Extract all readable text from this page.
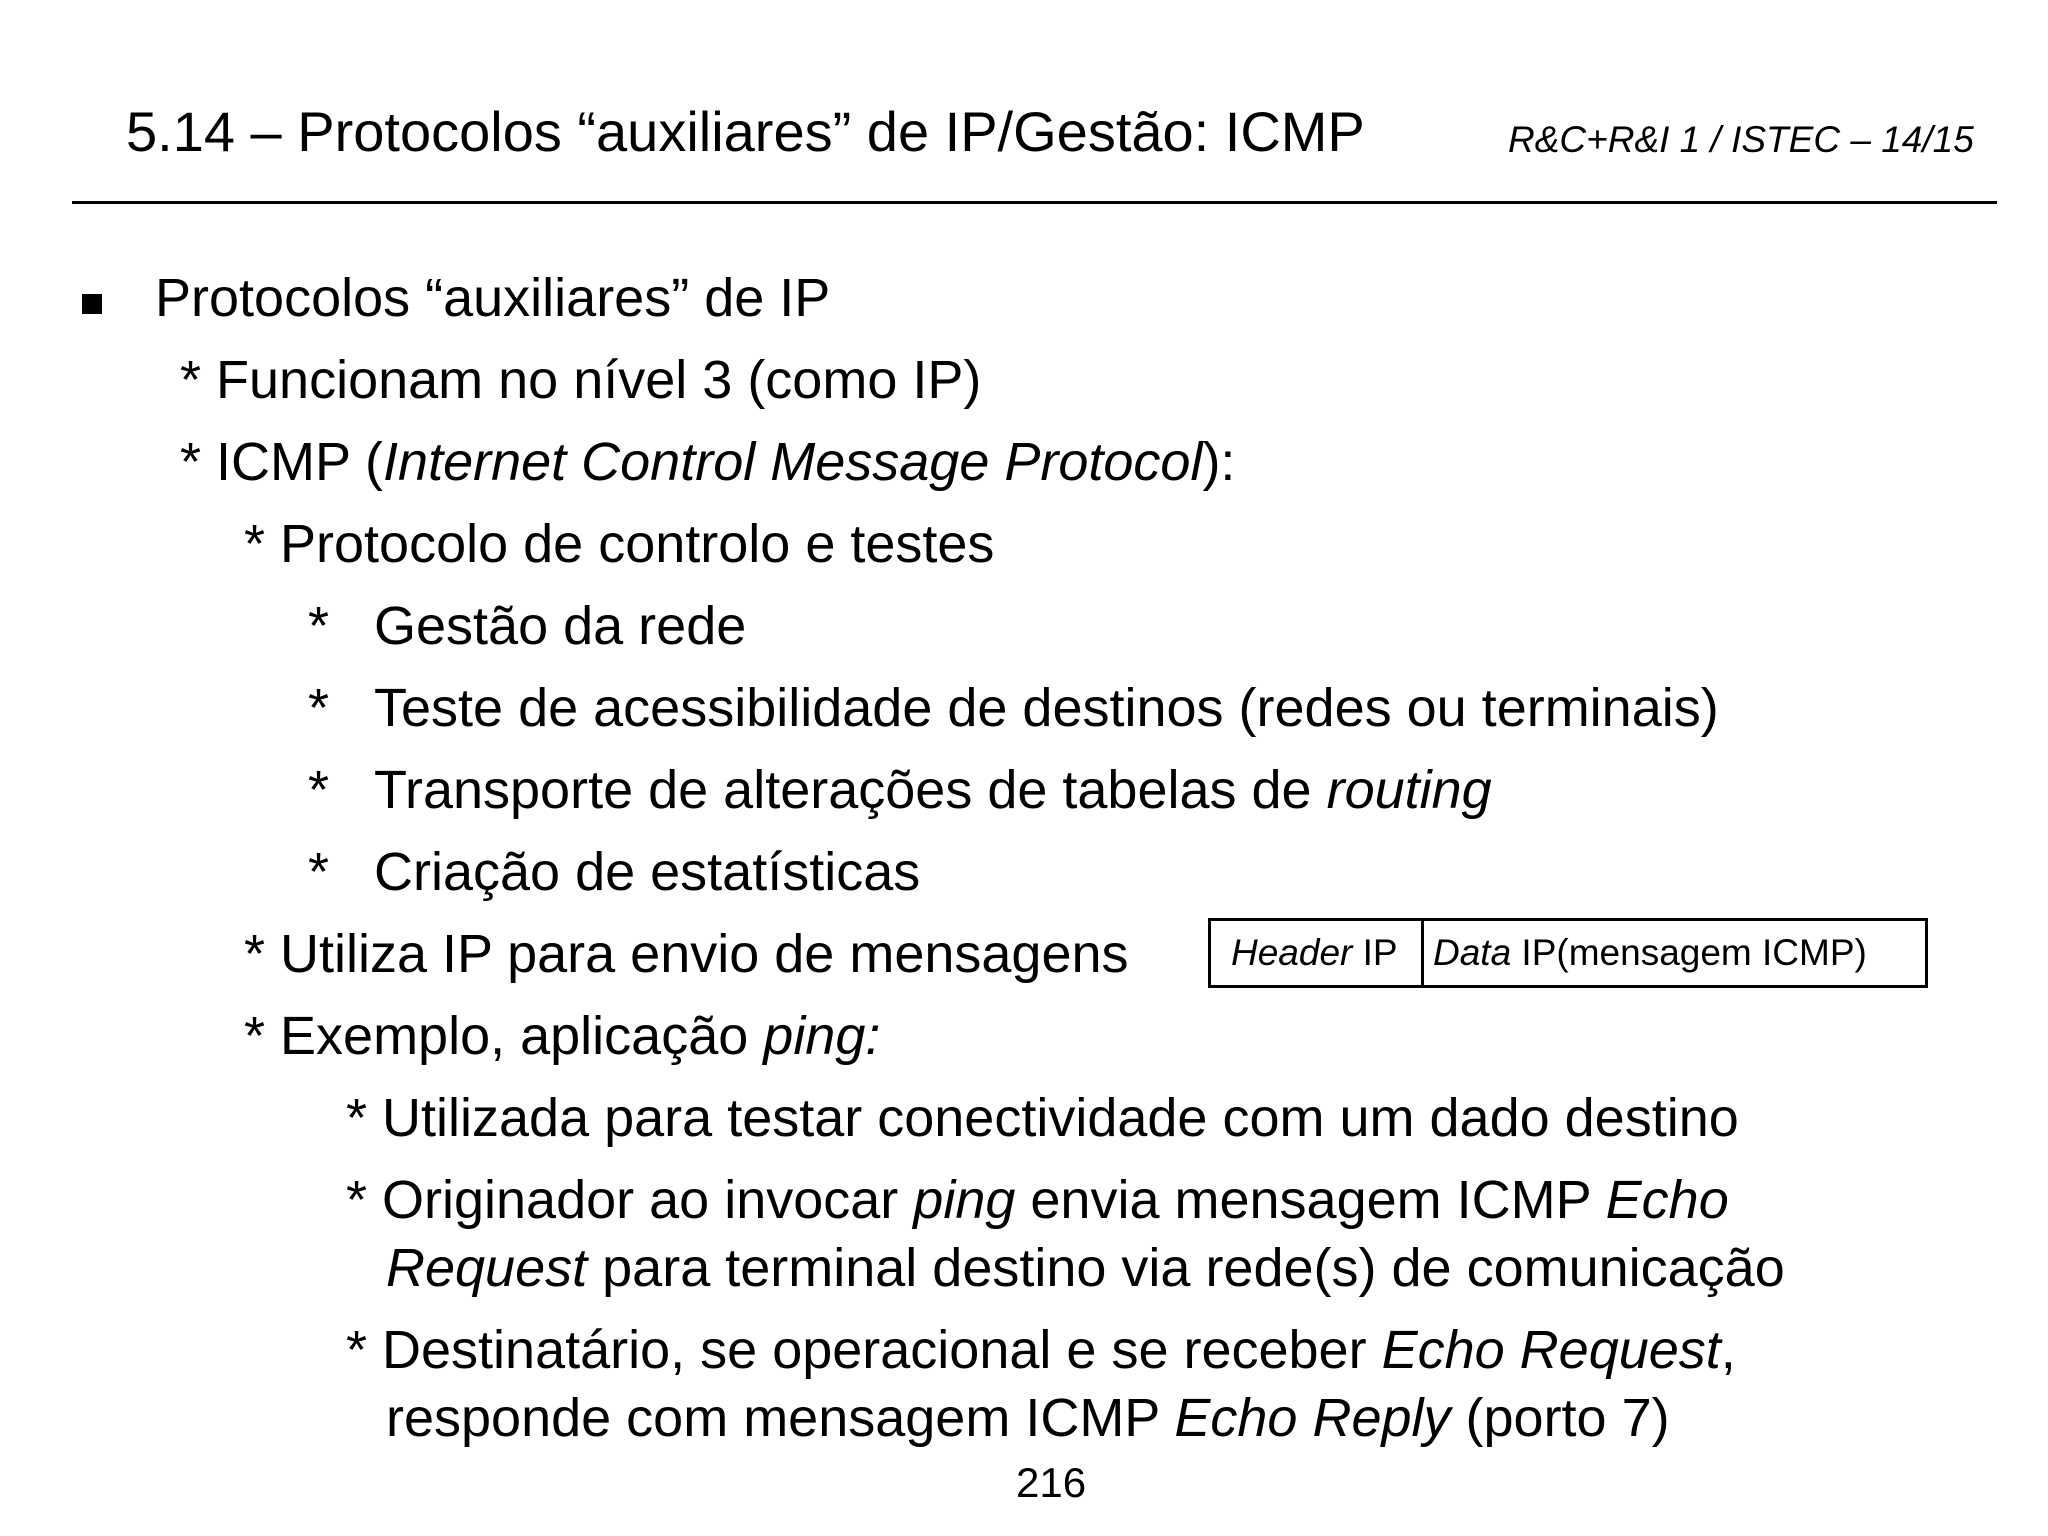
5.14 – Protocolos “auxiliares” de IP/Gestão: ICMP	R&C+R&I 1 / ISTEC – 14/15
Protocolos “auxiliares” de IP
* Funcionam no nível 3 (como IP)
* ICMP (Internet Control Message Protocol):
* Protocolo de controlo e testes
* Gestão da rede
* Teste de acessibilidade de destinos (redes ou terminais)
* Transporte de alterações de tabelas de routing
* Criação de estatísticas
* Utiliza IP para envio de mensagens	Header IP Data IP(mensagem ICMP)
* Exemplo, aplicação ping:
* Utilizada para testar conectividade com um dado destino
* Originador ao invocar ping envia mensagem ICMP Echo
Request para terminal destino via rede(s) de comunicação
* Destinatário, se operacional e se receber Echo Request,
responde com mensagem ICMP Echo Reply (porto 7)
216
